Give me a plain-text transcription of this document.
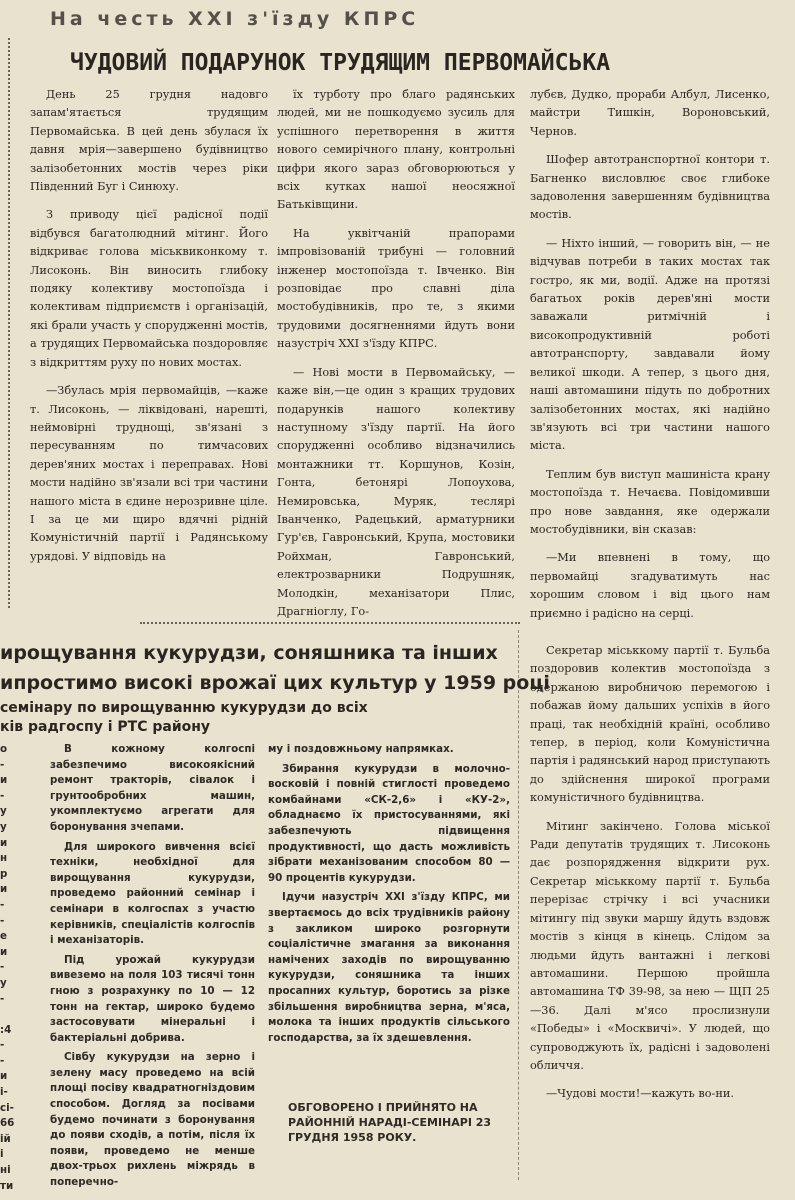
На честь XXI з'їзду КПРС
ЧУДОВИЙ ПОДАРУНОК ТРУДЯЩИМ ПЕРВОМАЙСЬКА

День 25 грудня надовго запам'ятається трудящим Первомайська. В цей день збулася їх давня мрія—завершено будівництво залізобетонних мостів через ріки Південний Буг і Синюху.

З приводу цієї радісної події відбувся багатолюдний мітинг. Його відкриває голова міськвиконкому т. Лисоконь. Він виносить глибоку подяку колективу мостопоїзда і колективам підприємств і організацій, які брали участь у спорудженні мостів, а трудящих Первомайська поздоровляє з відкриттям руху по нових мостах.

—Збулась мрія первомайців, —каже т. Лисоконь, — ліквідовані, нарешті, неймовірні труднощі, зв'язані з пересуванням по тимчасових дерев'яних мостах і переправах. Нові мости надійно зв'язали всі три частини нашого міста в єдине нерозривне ціле. І за це ми щиро вдячні рідній Комуністичній партії і Радянському урядові. У відповідь на

їх турботу про благо радянських людей, ми не пошкодуємо зусиль для успішного перетворення в життя нового семирічного плану, контрольні цифри якого зараз обговорюються у всіх кутках нашої неосяжної Батьківщини.

На уквітчаній прапорами імпровізованій трибуні — головний інженер мостопоїзда т. Івченко. Він розповідає про славні діла мостобудівників, про те, з якими трудовими досягненнями йдуть вони назустріч XXI з'їзду КПРС.

— Нові мости в Первомайську, —каже він,—це один з кращих трудових подарунків нашого колективу наступному з'їзду партії. На його спорудженні особливо відзначились монтажники тт. Коршунов, Козін, Гонта, бетонярі Лопоухова, Немировська, Муряк, теслярі Іванченко, Радецький, арматурники Гур'єв, Гавронський, Крупа, мостовики Ройхман, Гавронський, електрозварники Подрушняк, Молодкін, механізатори Плис, Драгніоглу, Го-

лубєв, Дудко, прораби Албул, Лисенко, майстри Тишкін, Вороновський, Чернов.

Шофер автотранспортної контори т. Багненко висловлює своє глибоке задоволення завершенням будівництва мостів.

— Ніхто інший, — говорить він, — не відчував потреби в таких мостах так гостро, як ми, водії. Адже на протязі багатьох років дерев'яні мости заважали ритмічній і високопродуктивній роботі автотранспорту, завдавали йому великої шкоди. А тепер, з цього дня, наші автомашини підуть по добротних залізобетонних мостах, які надійно зв'язують всі три частини нашого міста.

Теплим був виступ машиніста крану мостопоїзда т. Нечаєва. Повідомивши про нове завдання, яке одержали мостобудівники, він сказав:

—Ми впевнені в тому, що первомайці згадуватимуть нас хорошим словом і від цього нам приємно і радісно на серці.

ирощування кукурудзи, соняшника та інших
ипростимо високі врожаї цих культур у 1959 році
семінару по вирощуванню кукурудзи до всіх
ків радгоспу і РТС району
о
-
и
-
у
у
и
н
р
и
-
-
е
и
-
у
-

:4
-
-
и
і-
сі-
66
ій
і
ні
ти

В кожному колгоспі забезпечимо високоякісний ремонт тракторів, сівалок і грунтообробних машин, укомплектуємо агрегати для боронування зчепами.

Для широкого вивчення всієї техніки, необхідної для вирощування кукурудзи, проведемо районний семінар і семінари в колгоспах з участю керівників, спеціалістів колгоспів і механізаторів.

Під урожай кукурудзи вивеземо на поля 103 тисячі тонн гною з розрахунку по 10 — 12 тонн на гектар, широко будемо застосовувати мінеральні і бактеріальні добрива.

Сівбу кукурудзи на зерно і зелену масу проведемо на всій площі посіву квадратногніздовим способом. Догляд за посівами будемо починати з боронування до появи сходів, а потім, після їх появи, проведемо не менше двох-трьох рихлень міжрядь в поперечно-

му і поздовжньому напрямках.

Збирання кукурудзи в молочно-восковій і повній стиглості проведемо комбайнами «СК-2,6» і «КУ-2», обладнаємо їх пристосуваннями, які забезпечують підвищення продуктивності, що дасть можливість зібрати механізованим способом 80 — 90 процентів кукурудзи.

Ідучи назустріч XXI з'їзду КПРС, ми звертаємось до всіх трудівників району з закликом широко розгорнути соціалістичне змагання за виконання намічених заходів по вирощуванню кукурудзи, соняшника та інших просапних культур, боротись за різке збільшення виробництва зерна, м'яса, молока та інших продуктів сільського господарства, за їх здешевлення.

ОБГОВОРЕНО І ПРИЙНЯТО НА РАЙОННІЙ НАРАДІ-СЕМІНАРІ 23 ГРУДНЯ 1958 РОКУ.

Секретар міськкому партії т. Бульба поздоровив колектив мостопоїзда з одержаною виробничою перемогою і побажав йому дальших успіхів в його праці, так необхідній країні, особливо тепер, в період, коли Комуністична партія і радянський народ приступають до здійснення широкої програми комуністичного будівництва.

Мітинг закінчено. Голова міської Ради депутатів трудящих т. Лисоконь дає розпорядження відкрити рух. Секретар міськкому партії т. Бульба перерізає стрічку і всі учасники мітингу під звуки маршу йдуть вздовж мостів з кінця в кінець. Слідом за людьми йдуть вантажні і легкові автомашини. Першою пройшла автомашина ТФ 39-98, за нею — ЩП 25—36. Далі м'ясо прослизнули «Победы» і «Москвичі». У людей, що супроводжують їх, радісні і задоволені обличчя.

—Чудові мости!—кажуть во-ни.
